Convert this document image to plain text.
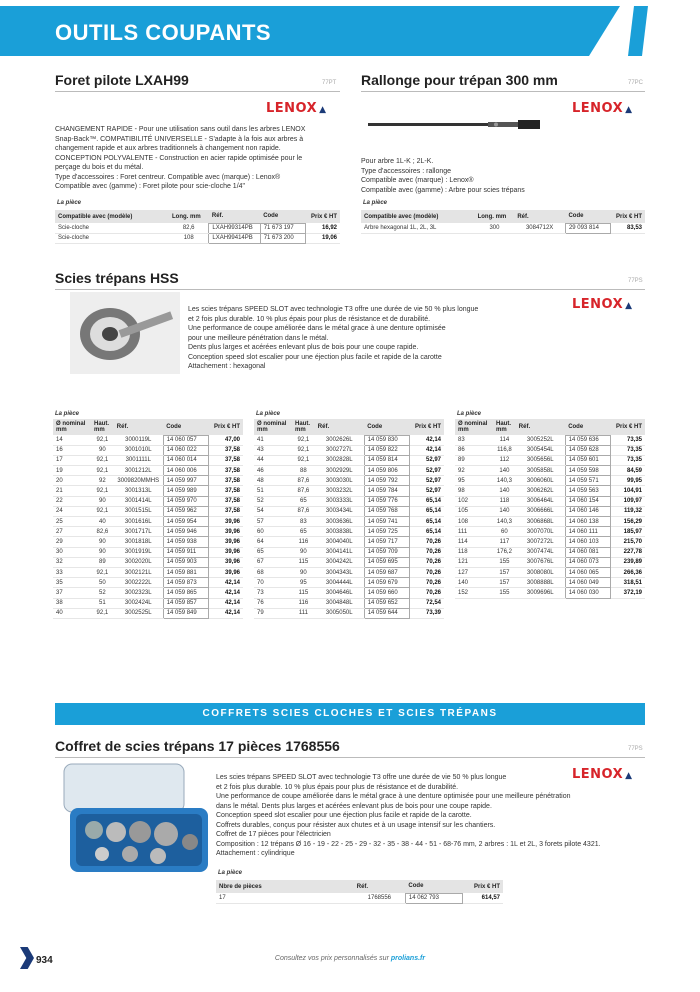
OUTILS COUPANTS
Foret pilote LXAH99	77PT
LENOX ▲
CHANGEMENT RAPIDE - Pour une utilisation sans outil dans les arbres LENOX
Snap-Back™. COMPATIBILITÉ UNIVERSELLE - S'adapte à la fois aux arbres à
changement rapide et aux arbres traditionnels à changement non rapide.
CONCEPTION POLYVALENTE - Construction en acier rapide optimisée pour le
perçage du bois et du métal.
Type d'accessoires : Foret centreur. Compatible avec (marque) : Lenox®
Compatible avec (gamme) : Foret pilote pour scie-cloche 1/4"
La pièce
Compatible avec (modèle)	Long. mm	Réf.	Code	Prix € HT
Scie-cloche	82,6	LXAH99314PB	71 673 197	16,92
Scie-cloche	108	LXAH99414PB	71 673 200	19,06
Rallonge pour trépan 300 mm	77PC
LENOX ▲
Pour arbre 1L-K ; 2L-K.
Type d'accessoires : rallonge
Compatible avec (marque) : Lenox®
Compatible avec (gamme) : Arbre pour scies trépans
La pièce
Compatible avec (modèle)	Long. mm	Réf.	Code	Prix € HT
Arbre hexagonal 1L, 2L, 3L	300	3084712X	29 093 814	83,53
Scies trépans HSS	77PS
LENOX ▲
Les scies trépans SPEED SLOT avec technologie T3 offre une durée de vie 50 % plus longue
et 2 fois plus durable. 10 % plus épais pour plus de résistance et de durabilité.
Une performance de coupe améliorée dans le métal grace à une denture optimisée
pour une meilleure pénétration dans le métal.
Dents plus larges et acérées enlevant plus de bois pour une coupe rapide.
Conception speed slot escalier pour une éjection plus facile et rapide de la carotte
Attachement : hexagonal
La pièce	La pièce	La pièce
Ø nominal mm	Haut. mm	Réf.	Code	Prix € HT
14	92,1	3000119L	14 060 057	47,00
16	90	3001010L	14 060 022	37,58
17	92,1	3001111L	14 060 014	37,58
19	92,1	3001212L	14 060 006	37,58
20	92	3009820MMHS	14 059 997	37,58
21	92,1	3001313L	14 059 989	37,58
22	90	3001414L	14 059 970	37,58
24	92,1	3001515L	14 059 962	37,58
25	40	3001616L	14 059 954	39,96
27	82,6	3001717L	14 059 946	39,96
29	90	3001818L	14 059 938	39,96
30	90	3001919L	14 059 911	39,96
32	89	3002020L	14 059 903	39,96
33	92,1	3002121L	14 059 881	39,96
35	50	3002222L	14 059 873	42,14
37	52	3002323L	14 059 865	42,14
38	51	3002424L	14 059 857	42,14
40	92,1	3002525L	14 059 849	42,14
Ø nominal mm	Haut. mm	Réf.	Code	Prix € HT
41	92,1	3002626L	14 059 830	42,14
43	92,1	3002727L	14 059 822	42,14
44	92,1	3002828L	14 059 814	52,97
46	88	3002929L	14 059 806	52,97
48	87,6	3003030L	14 059 792	52,97
51	87,6	3003232L	14 059 784	52,97
52	65	3003333L	14 059 776	65,14
54	87,6	3003434L	14 059 768	65,14
57	83	3003636L	14 059 741	65,14
60	65	3003838L	14 059 725	65,14
64	116	3004040L	14 059 717	70,26
65	90	3004141L	14 059 709	70,26
67	115	3004242L	14 059 695	70,26
68	90	3004343L	14 059 687	70,26
70	95	3004444L	14 059 679	70,26
73	115	3004646L	14 059 660	70,26
76	116	3004848L	14 059 652	72,54
79	111	3005050L	14 059 644	73,39
Ø nominal mm	Haut. mm	Réf.	Code	Prix € HT
83	114	3005252L	14 059 636	73,35
86	116,8	3005454L	14 059 628	73,35
89	112	3005656L	14 059 601	73,35
92	140	3005858L	14 059 598	84,59
95	140,3	3006060L	14 059 571	99,95
98	140	3006262L	14 059 563	104,91
102	118	3006464L	14 060 154	109,97
105	140	3006666L	14 060 146	119,32
108	140,3	3006868L	14 060 138	156,29
111	60	3007070L	14 060 111	185,97
114	117	3007272L	14 060 103	215,70
118	176,2	3007474L	14 060 081	227,78
121	155	3007676L	14 060 073	239,89
127	157	3008080L	14 060 065	266,36
140	157	3008888L	14 060 049	318,51
152	155	3009696L	14 060 030	372,19
COFFRETS SCIES CLOCHES ET SCIES TRÉPANS
Coffret de scies trépans 17 pièces 1768556	77PS
LENOX ▲
Les scies trépans SPEED SLOT avec technologie T3 offre une durée de vie 50 % plus longue
et 2 fois plus durable. 10 % plus épais pour plus de résistance et de durabilité.
Une performance de coupe améliorée dans le métal grace à une denture optimisée pour une meilleure pénétration
dans le métal. Dents plus larges et acérées enlevant plus de bois pour une coupe rapide.
Conception speed slot escalier pour une éjection plus facile et rapide de la carotte.
Coffrets durables, conçus pour résister aux chutes et à un usage intensif sur les chantiers.
Coffret de 17 pièces pour l'électricien
Composition : 12 trépans Ø 16 - 19 - 22 - 25 - 29 - 32 - 35 - 38 - 44 - 51 - 68-76 mm, 2 arbres : 1L et 2L, 3 forets pilote 4321.
Attachement : cylindrique
La pièce
Nbre de pièces	Réf.	Code	Prix € HT
17	1768556	14 062 793	614,57
934	Consultez vos prix personnalisés sur prolians.fr
